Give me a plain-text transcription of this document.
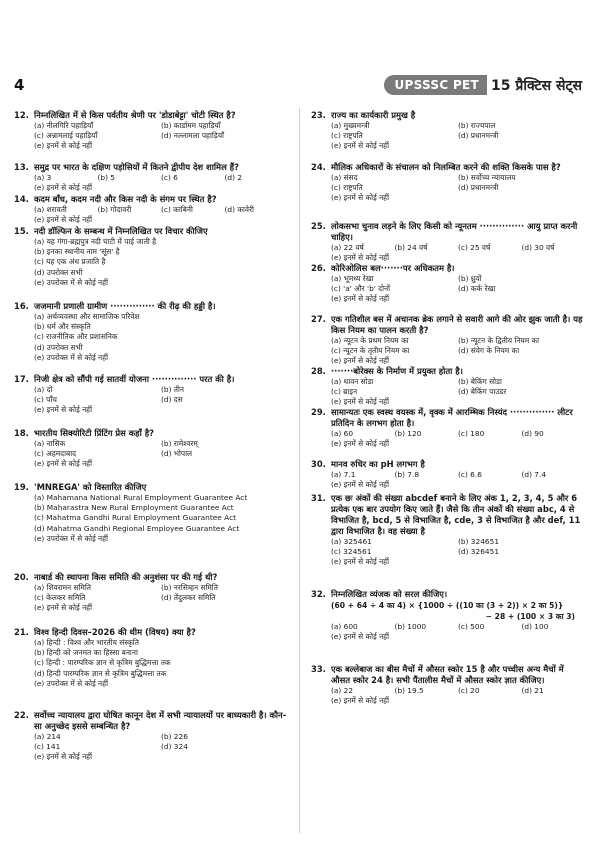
4	UPSSSC PET 15 प्रैक्टिस सेट्स
12. निम्नलिखित में से किस पर्वतीय श्रेणी पर 'डोडाबेट्टा' चोटी स्थित है?
(a) नीलगिरि पहाड़ियाँ	(b) कार्डामम पहाड़ियाँ
(c) अन्नामलाई पहाड़ियाँ	(d) नल्लामला पहाड़ियाँ
(e) इनमें से कोई नहीं
13. समुद्र पर भारत के दक्षिण पड़ोसियों में कितने द्वीपीय देश शामिल हैं?
(a) 3	(b) 5	(c) 6	(d) 2
(e) इनमें से कोई नहीं
14. कदम बाँध, कदम नदी और किस नदी के संगम पर स्थित है?
(a) शरावती	(b) गोदावरी	(c) काबिनी	(d) कावेरी
(e) इनमें से कोई नहीं
15. नदी डॉल्फिन के सम्बन्ध में निम्नलिखित पर विचार कीजिए
(a) यह गंगा-ब्रह्मपुत्र नदी घाटी में पाई जाती है
(b) इनका स्थानीय नाम 'सूंस' है
(c) यह एक अंध प्रजाति है
(d) उपरोक्त सभी
(e) उपरोक्त में से कोई नहीं
16. जजमानी प्रणाली ग्रामीण ·············· की रीढ़ की हड्डी है।
(a) अर्थव्यवस्था और सामाजिक परिवेश
(b) धर्म और संस्कृति
(c) राजनीतिक और प्रशासनिक
(d) उपरोक्त सभी
(e) उपरोक्त में से कोई नहीं
17. निजी क्षेत्र को सौंपी गई सातवीं योजना ·············· परत की है।
(a) दो	(b) तीन
(c) पाँच	(d) दस
(e) इनमें से कोई नहीं
18. भारतीय सिक्योरिटी प्रिंटिंग प्रेस कहाँ है?
(a) नासिक	(b) रामेश्वरम्
(c) अहमदाबाद	(d) भोपाल
(e) इनमें से कोई नहीं
19. 'MNREGA' को विस्तारित कीजिए
(a) Mahamana National Rural Employment Guarantee Act
(b) Maharastra New Rural Employment Guarantee Act
(c) Mahatma Gandhi Rural Employment Guarantee Act
(d) Mahatma Gandhi Regional Employee Guarantee Act
(e) उपरोक्त में से कोई नहीं
20. नाबार्ड की स्थापना किस समिति की अनुशंसा पर की गई थी?
(a) शिवरामन समिति	(b) नरसिम्हन समिति
(c) केलकर समिति	(d) तेंदुलकर समिति
(e) इनमें से कोई नहीं
21. विश्व हिन्दी दिवस–2026 की थीम (विषय) क्या है?
(a) हिन्दी : विश्व और भारतीय संस्कृति
(b) हिन्दी को जनमत का हिस्सा बनाना
(c) हिन्दी : पारम्परिक ज्ञान से कृत्रिम बुद्धिमत्ता तक
(d) हिन्दी पारम्परिक ज्ञान से कृत्रिम बुद्धिमत्ता तक
(e) उपरोक्त में से कोई नहीं
22. सर्वोच्च न्यायालय द्वारा घोषित कानून देश में सभी न्यायालयों पर बाध्यकारी है। कौन-सा अनुच्छेद इससे सम्बन्धित है?
(a) 214	(b) 226
(c) 141	(d) 324
(e) इनमें से कोई नहीं
23. राज्य का कार्यकारी प्रमुख है
(a) मुख्यमन्त्री	(b) राज्यपाल
(c) राष्ट्रपति	(d) प्रधानमन्त्री
(e) इनमें से कोई नहीं
24. मौलिक अधिकारों के संचालन को निलम्बित करने की शक्ति किसके पास है?
(a) संसद	(b) सर्वोच्च न्यायालय
(c) राष्ट्रपति	(d) प्रधानमन्त्री
(e) इनमें से कोई नहीं
25. लोकसभा चुनाव लड़ने के लिए किसी को न्यूनतम ·············· आयु प्राप्त करनी चाहिए।
(a) 22 वर्ष	(b) 24 वर्ष	(c) 25 वर्ष	(d) 30 वर्ष
(e) इनमें से कोई नहीं
26. कोरिओलिस बल·······पर अधिकतम है।
(a) भूमध्य रेखा	(b) ध्रुवों
(c) 'a' और 'b' दोनों	(d) कर्क रेखा
(e) इनमें से कोई नहीं
27. एक गतिशील बस में अचानक ब्रेक लगाने से सवारी आगे की ओर झुक जाती है। यह किस नियम का पालन करती है?
(a) न्यूटन के प्रथम नियम का	(b) न्यूटन के द्वितीय नियम का
(c) न्यूटन के तृतीय नियम का	(d) संवेग के नियम का
(e) इनमें से कोई नहीं
28. ·······बोरेक्स के निर्माण में प्रयुक्त होता है।
(a) धावन सोडा	(b) बेकिंग सोडा
(c) ब्राइन	(d) बेकिंग पाउडर
(e) इनमें से कोई नहीं
29. सामान्यतः एक स्वस्थ वयस्क में, वृक्क में आरम्भिक निस्यंद ·············· लीटर प्रतिदिन के लगभग होता है।
(a) 60	(b) 120	(c) 180	(d) 90
(e) इनमें से कोई नहीं
30. मानव रुधिर का pH लगभग है
(a) 7.1	(b) 7.8	(c) 6.6	(d) 7.4
(e) इनमें से कोई नहीं
31. एक छः अंकों की संख्या abcdef बनाने के लिए अंक 1, 2, 3, 4, 5 और 6 प्रत्येक एक बार उपयोग किए जाते हैं। जैसे कि तीन अंकों की संख्या abc, 4 से विभाजित है, bcd, 5 से विभाजित है, cde, 3 से विभाजित है और def, 11 द्वारा विभाजित है। वह संख्या है
(a) 325461	(b) 324651
(c) 324561	(d) 326451
(e) इनमें से कोई नहीं
32. निम्नलिखित व्यंजक को सरल कीजिए।
(60 + 64 ÷ 4 का 4) × {1000 ÷ ((10 का (3 + 2)) × 2 का 5)}
− 28 + (100 × 3 का 3)
(a) 600	(b) 1000	(c) 500	(d) 100
(e) इनमें से कोई नहीं
33. एक बल्लेबाज का बीस मैचों में औसत स्कोर 15 है और पच्चीस अन्य मैचों में औसत स्कोर 24 है। सभी पैंतालीस मैचों में औसत स्कोर ज्ञात कीजिए।
(a) 22	(b) 19.5	(c) 20	(d) 21
(e) इनमें से कोई नहीं
